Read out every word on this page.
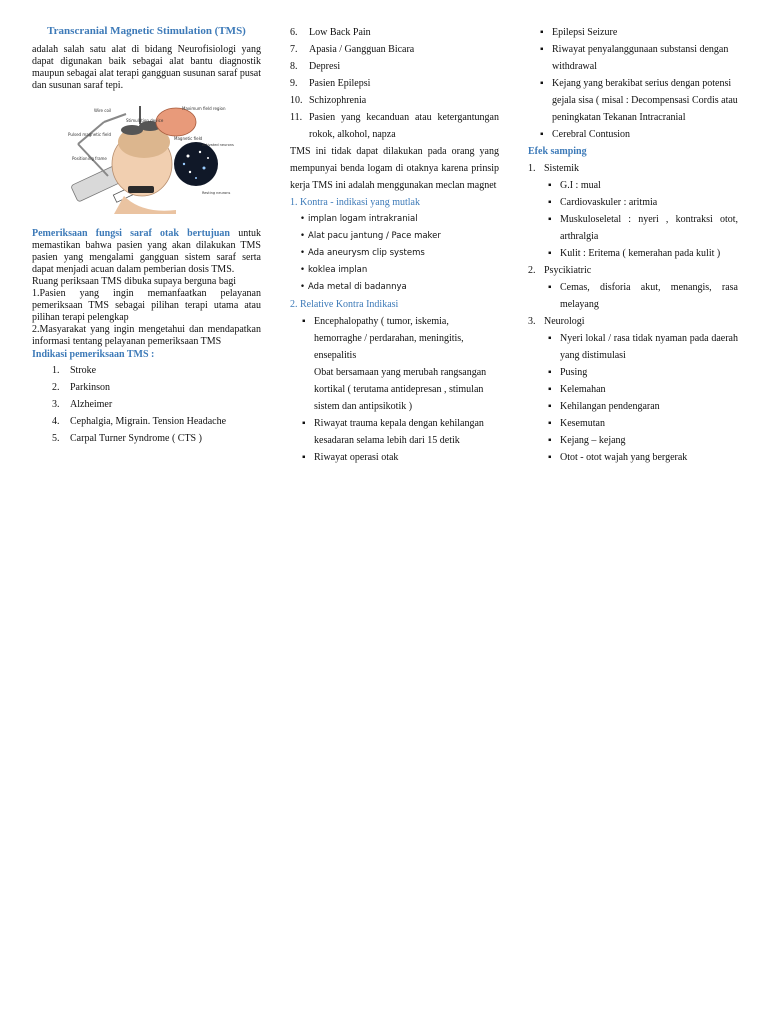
Transcranial Magnetic Stimulation (TMS)

adalah salah satu alat di bidang Neurofisiologi yang dapat digunakan baik sebagai alat bantu diagnostik maupun sebagai alat terapi gangguan susunan saraf pusat dan susunan saraf tepi.

Wire coil
Pulsed magnetic field
Positioning frame
Stimulation device
Maximum field region
Magnetic field
Activated neurons
Resting neurons

Pemeriksaan fungsi saraf otak bertujuan untuk memastikan bahwa pasien yang akan dilakukan TMS pasien yang mengalami gangguan sistem saraf serta dapat menjadi acuan dalam pemberian dosis TMS.

Ruang periksaan TMS dibuka supaya berguna bagi

1.Pasien yang ingin memanfaatkan pelayanan pemeriksaan TMS sebagai pilihan terapi utama atau pilihan terapi pelengkap

2.Masyarakat yang ingin mengetahui dan mendapatkan informasi tentang pelayanan pemeriksaan TMS

Indikasi pemeriksaan TMS :
1.	Stroke
2.	Parkinson
3.	Alzheimer
4.	Cephalgia, Migrain. Tension Headache
5.	Carpal Turner Syndrome ( CTS )
6.	Low Back Pain
7.	Apasia / Gangguan Bicara
8.	Depresi
9.	Pasien Epilepsi
10. Schizophrenia
11. Pasien yang kecanduan atau ketergantungan rokok, alkohol, napza

TMS ini tidak dapat dilakukan pada orang yang mempunyai benda logam di otaknya karena prinsip kerja TMS ini adalah menggunakan meclan magnet

1. Kontra - indikasi yang mutlak
• implan logam intrakranial
• Alat pacu jantung / Pace maker
• Ada aneurysm clip systems
• koklea implan
• Ada metal di badannya
2. Relative Kontra Indikasi
▪ Encephalopathy ( tumor, iskemia, hemorraghe / perdarahan, meningitis, ensepalitis
Obat bersamaan yang merubah rangsangan kortikal ( terutama antidepresan , stimulan sistem dan antipsikotik )
▪ Riwayat trauma kepala dengan kehilangan kesadaran selama lebih dari 15 detik
▪ Riwayat operasi otak
▪ Epilepsi Seizure
▪ Riwayat penyalanggunaan substansi dengan withdrawal
▪ Kejang yang berakibat serius dengan potensi gejala sisa ( misal : Decompensasi Cordis atau peningkatan Tekanan Intracranial
▪ Cerebral Contusion
Efek samping
1. Sistemik
▪ G.I : mual
▪ Cardiovaskuler : aritmia
▪ Muskuloseletal : nyeri , kontraksi otot, arthralgia
▪ Kulit : Eritema ( kemerahan pada kulit )
2. Psycikiatric
▪ Cemas, disforia akut, menangis, rasa melayang
3. Neurologi
▪ Nyeri lokal / rasa tidak nyaman pada daerah yang distimulasi
▪ Pusing
▪ Kelemahan
▪ Kehilangan pendengaran
▪ Kesemutan
▪ Kejang – kejang
▪ Otot - otot wajah yang bergerak
